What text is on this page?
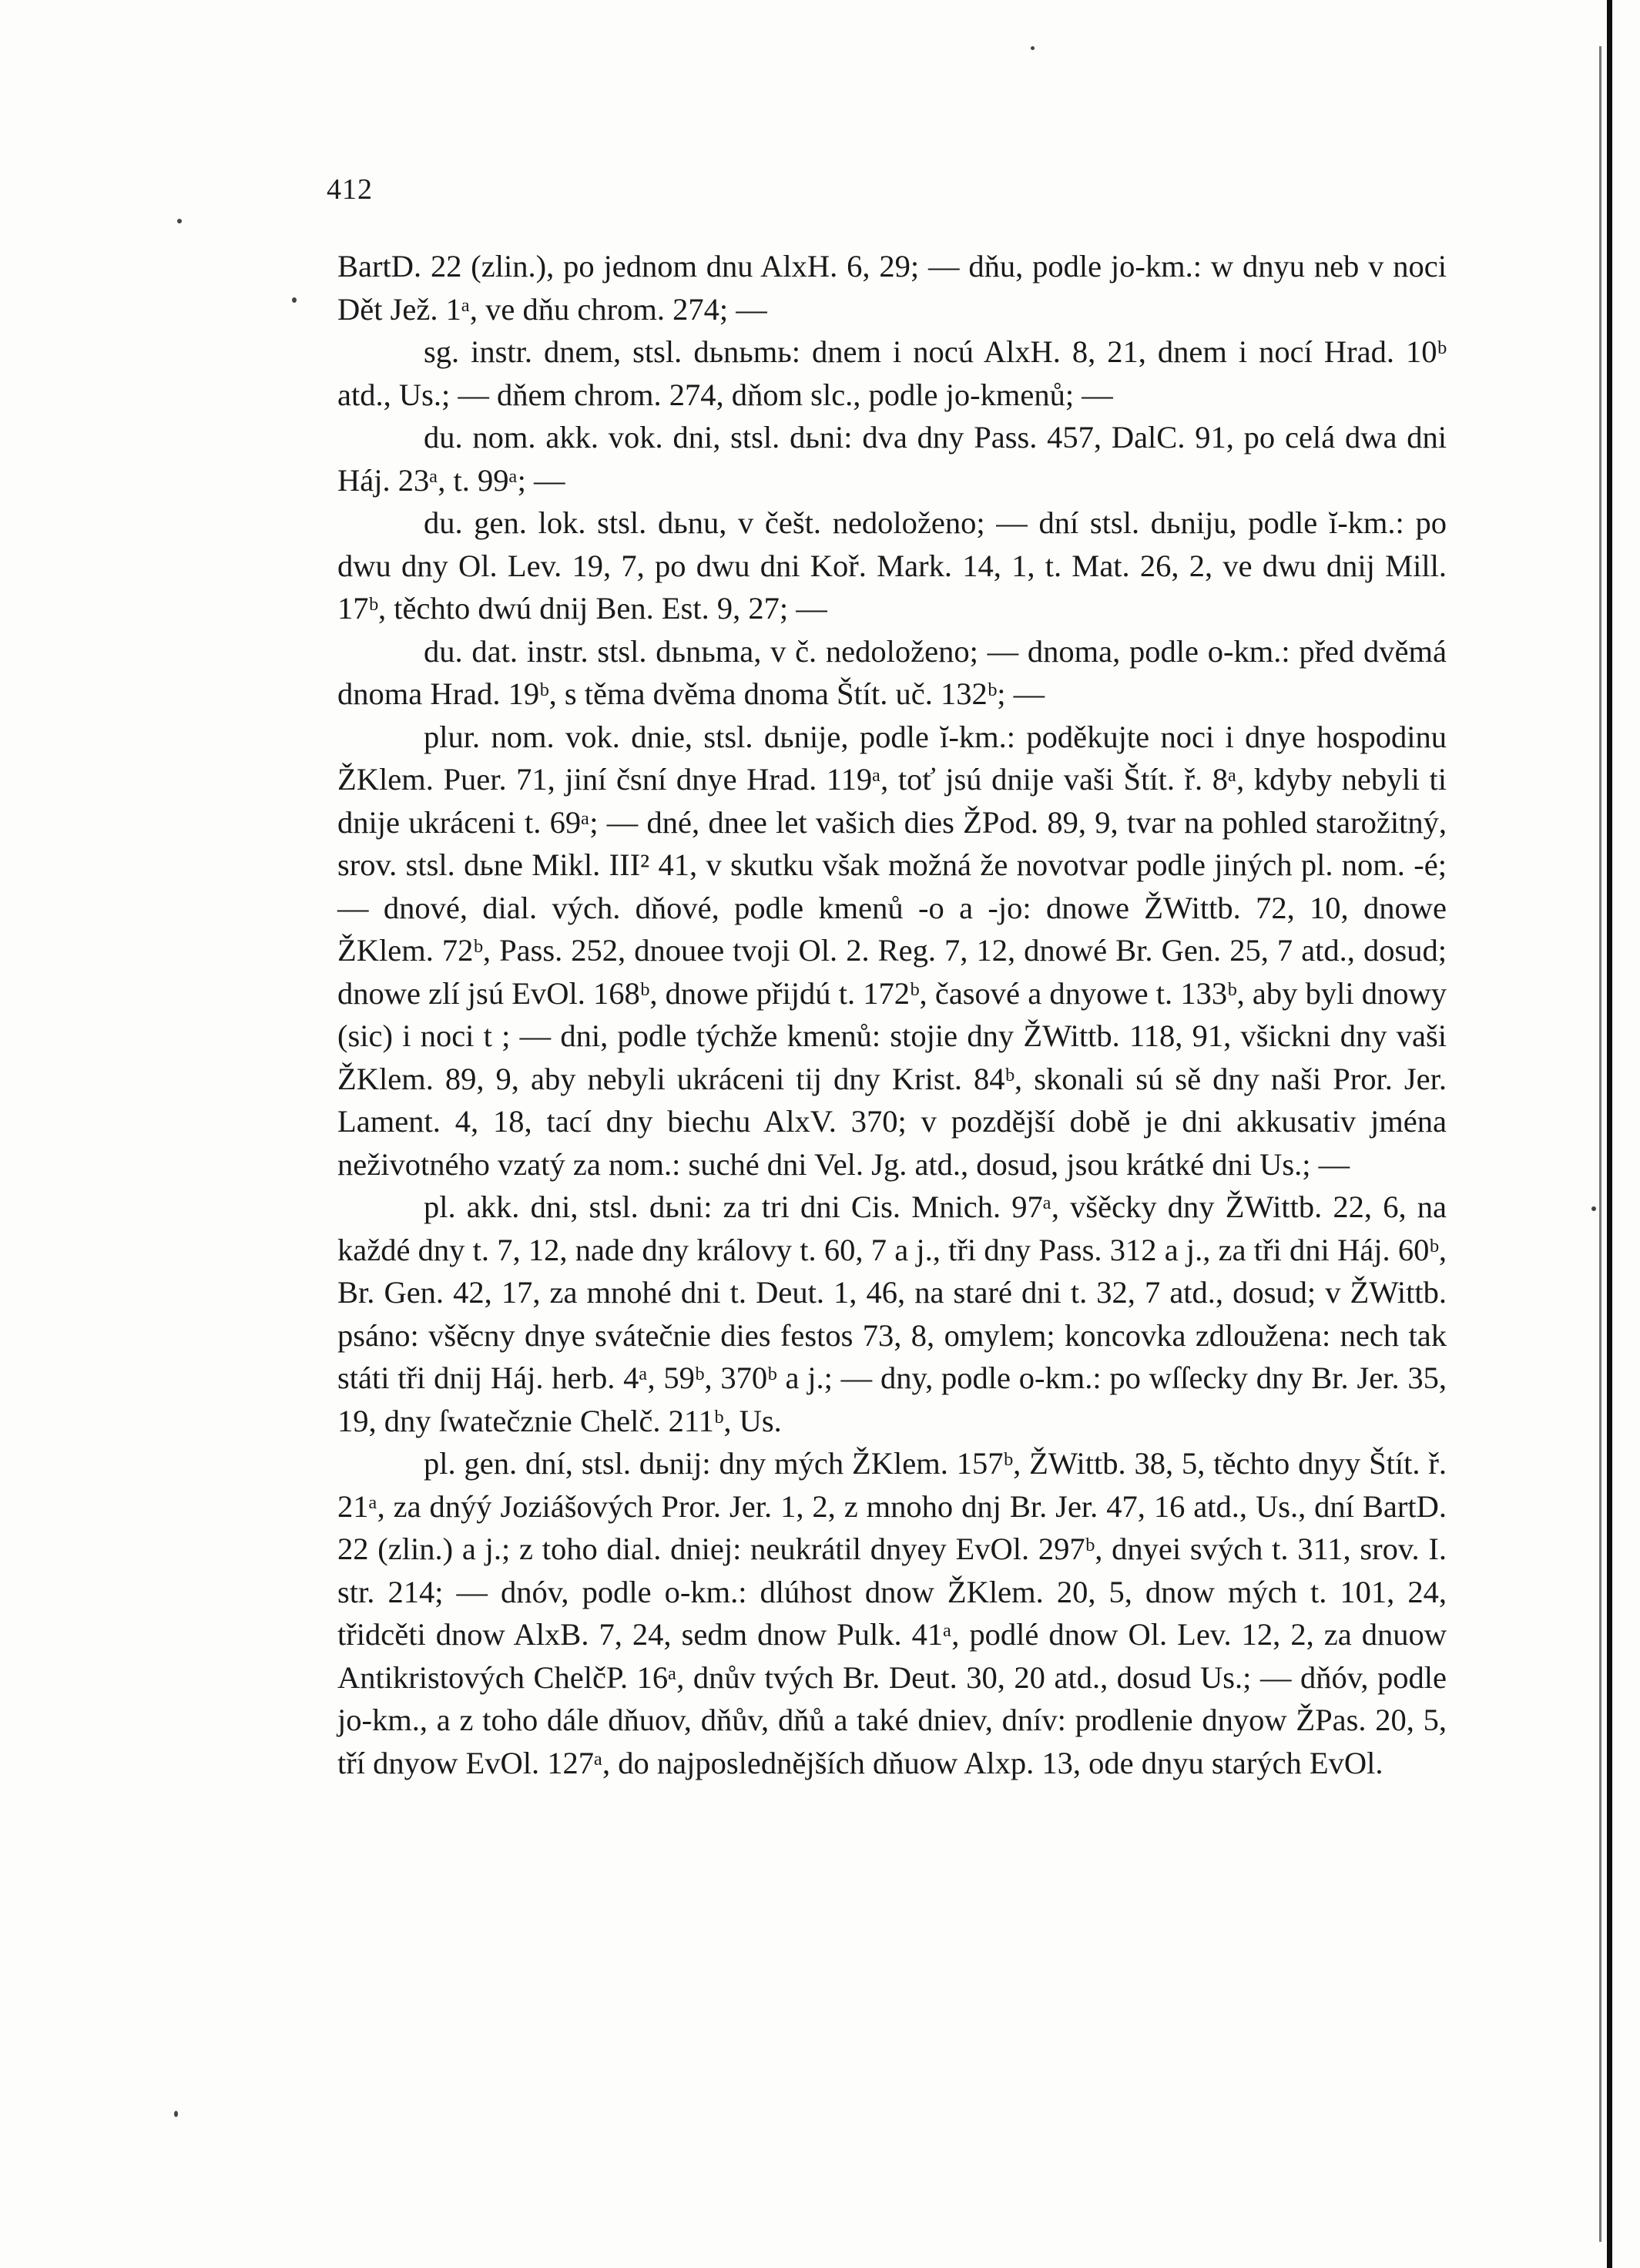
412

BartD. 22 (zlin.), po jednom dnu AlxH. 6, 29; — dňu, podle jo-km.: w dnyu neb v noci Dět Jež. 1ᵃ, ve dňu chrom. 274; —

sg. instr. dnem, stsl. dьnьmь: dnem i nocú AlxH. 8, 21, dnem i nocí Hrad. 10ᵇ atd., Us.; — dňem chrom. 274, dňom slc., podle jo-kmenů; —

du. nom. akk. vok. dni, stsl. dьni: dva dny Pass. 457, DalC. 91, po celá dwa dni Háj. 23ᵃ, t. 99ᵃ; —

du. gen. lok. stsl. dьnu, v češt. nedoloženo; — dní stsl. dьniju, podle ĭ-km.: po dwu dny Ol. Lev. 19, 7, po dwu dni Koř. Mark. 14, 1, t. Mat. 26, 2, ve dwu dnij Mill. 17ᵇ, těchto dwú dnij Ben. Est. 9, 27; —

du. dat. instr. stsl. dьnьma, v č. nedoloženo; — dnoma, podle o-km.: před dvěmá dnoma Hrad. 19ᵇ, s těma dvěma dnoma Štít. uč. 132ᵇ; —

plur. nom. vok. dnie, stsl. dьnije, podle ĭ-km.: poděkujte noci i dnye hospodinu ŽKlem. Puer. 71, jiní čsní dnye Hrad. 119ᵃ, toť jsú dnije vaši Štít. ř. 8ᵃ, kdyby nebyli ti dnije ukráceni t. 69ᵃ; — dné, dnee let vašich dies ŽPod. 89, 9, tvar na pohled starožitný, srov. stsl. dьne Mikl. III² 41, v skutku však možná že novotvar podle jiných pl. nom. -é; — dnové, dial. vých. dňové, podle kmenů -o a -jo: dnowe ŽWittb. 72, 10, dnowe ŽKlem. 72ᵇ, Pass. 252, dnouee tvoji Ol. 2. Reg. 7, 12, dnowé Br. Gen. 25, 7 atd., dosud; dnowe zlí jsú EvOl. 168ᵇ, dnowe přijdú t. 172ᵇ, časové a dnyowe t. 133ᵇ, aby byli dnowy (sic) i noci t ; — dni, podle týchže kmenů: stojie dny ŽWittb. 118, 91, všickni dny vaši ŽKlem. 89, 9, aby nebyli ukráceni tij dny Krist. 84ᵇ, skonali sú sě dny naši Pror. Jer. Lament. 4, 18, tací dny biechu AlxV. 370; v pozdější době je dni akkusativ jména neživotného vzatý za nom.: suché dni Vel. Jg. atd., dosud, jsou krátké dni Us.; —

pl. akk. dni, stsl. dьni: za tri dni Cis. Mnich. 97ᵃ, všěcky dny ŽWittb. 22, 6, na každé dny t. 7, 12, nade dny královy t. 60, 7 a j., tři dny Pass. 312 a j., za tři dni Háj. 60ᵇ, Br. Gen. 42, 17, za mnohé dni t. Deut. 1, 46, na staré dni t. 32, 7 atd., dosud; v ŽWittb. psáno: všěcny dnye svátečnie dies festos 73, 8, omylem; koncovka zdloužena: nech tak státi tři dnij Háj. herb. 4ᵃ, 59ᵇ, 370ᵇ a j.; — dny, podle o-km.: po wſſecky dny Br. Jer. 35, 19, dny ſwatečznie Chelč. 211ᵇ, Us.

pl. gen. dní, stsl. dьnij: dny mých ŽKlem. 157ᵇ, ŽWittb. 38, 5, těchto dnyy Štít. ř. 21ᵃ, za dnýý Joziášových Pror. Jer. 1, 2, z mnoho dnj Br. Jer. 47, 16 atd., Us., dní BartD. 22 (zlin.) a j.; z toho dial. dniej: neukrátil dnyey EvOl. 297ᵇ, dnyei svých t. 311, srov. I. str. 214; — dnóv, podle o-km.: dlúhost dnow ŽKlem. 20, 5, dnow mých t. 101, 24, třidcěti dnow AlxB. 7, 24, sedm dnow Pulk. 41ᵃ, podlé dnow Ol. Lev. 12, 2, za dnuow Antikristových ChelčP. 16ᵃ, dnův tvých Br. Deut. 30, 20 atd., dosud Us.; — dňóv, podle jo-km., a z toho dále dňuov, dňův, dňů a také dniev, dnív: prodlenie dnyow ŽPas. 20, 5, tří dnyow EvOl. 127ᵃ, do najposlednějších dňuow Alxp. 13, ode dnyu starých EvOl.
